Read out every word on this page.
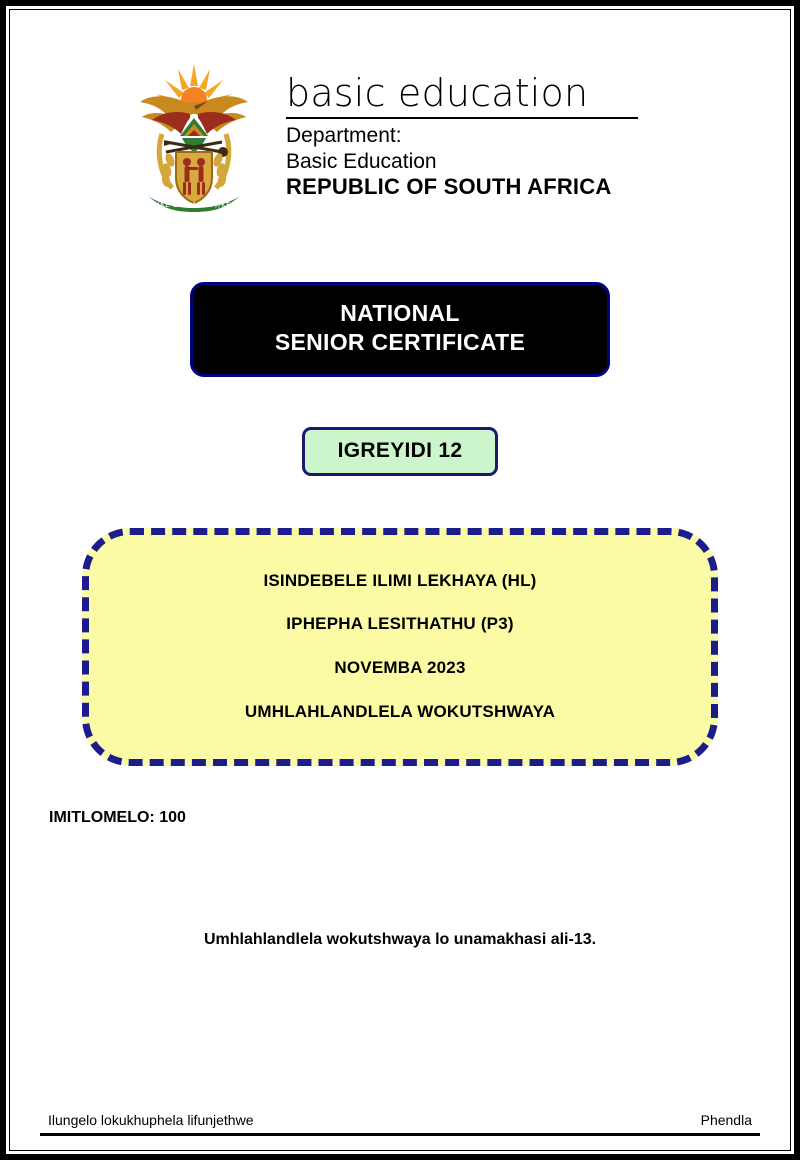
!KE E: /XARRA //KE
basic education
Department:
Basic Education
REPUBLIC OF SOUTH AFRICA
NATIONAL
SENIOR CERTIFICATE
IGREYIDI 12
ISINDEBELE ILIMI LEKHAYA (HL)
IPHEPHA LESITHATHU (P3)
NOVEMBA 2023
UMHLAHLANDLELA WOKUTSHWAYA
IMITLOMELO: 100
Umhlahlandlela wokutshwaya lo unamakhasi ali-13.
Ilungelo lokukhuphela lifunjethwe	Phendla
